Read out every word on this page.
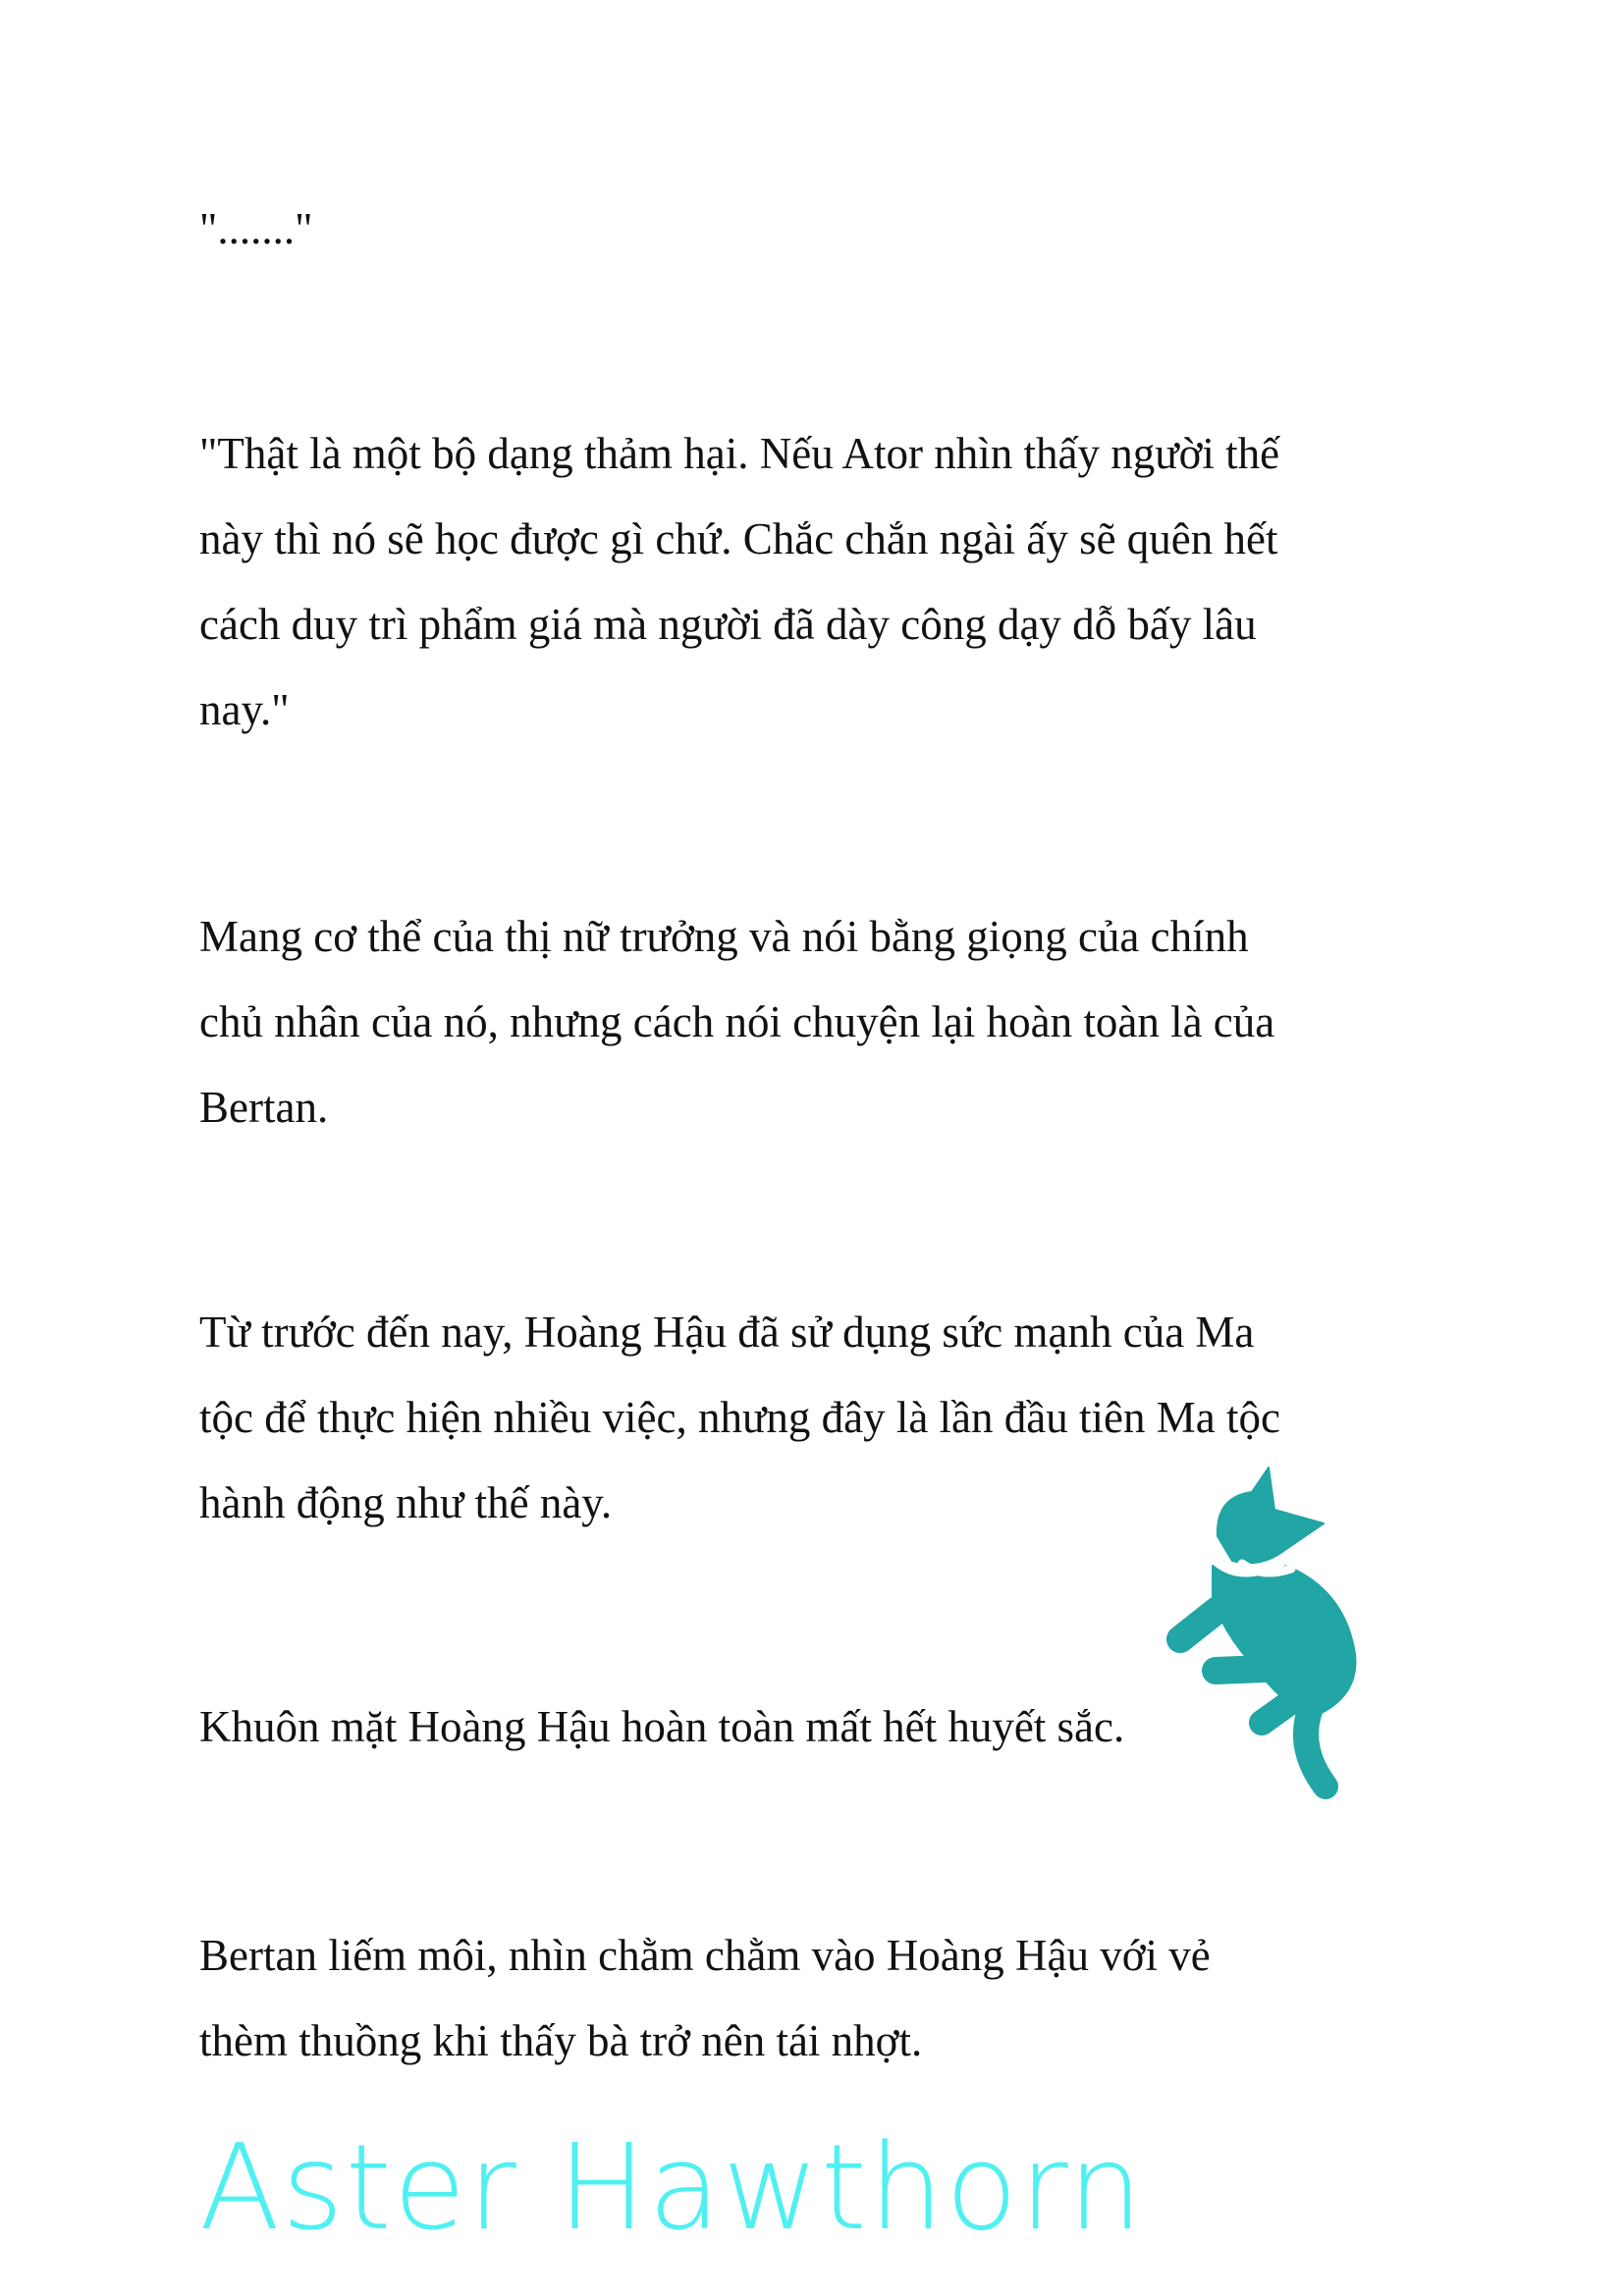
"......."
"Thật là một bộ dạng thảm hại. Nếu Ator nhìn thấy người thế
này thì nó sẽ học được gì chứ. Chắc chắn ngài ấy sẽ quên hết
cách duy trì phẩm giá mà người đã dày công dạy dỗ bấy lâu
nay."
Mang cơ thể của thị nữ trưởng và nói bằng giọng của chính
chủ nhân của nó, nhưng cách nói chuyện lại hoàn toàn là của
Bertan.
Từ trước đến nay, Hoàng Hậu đã sử dụng sức mạnh của Ma
tộc để thực hiện nhiều việc, nhưng đây là lần đầu tiên Ma tộc
hành động như thế này.
Khuôn mặt Hoàng Hậu hoàn toàn mất hết huyết sắc.
Bertan liếm môi, nhìn chằm chằm vào Hoàng Hậu với vẻ
thèm thuồng khi thấy bà trở nên tái nhợt.
Aster Hawthorn
